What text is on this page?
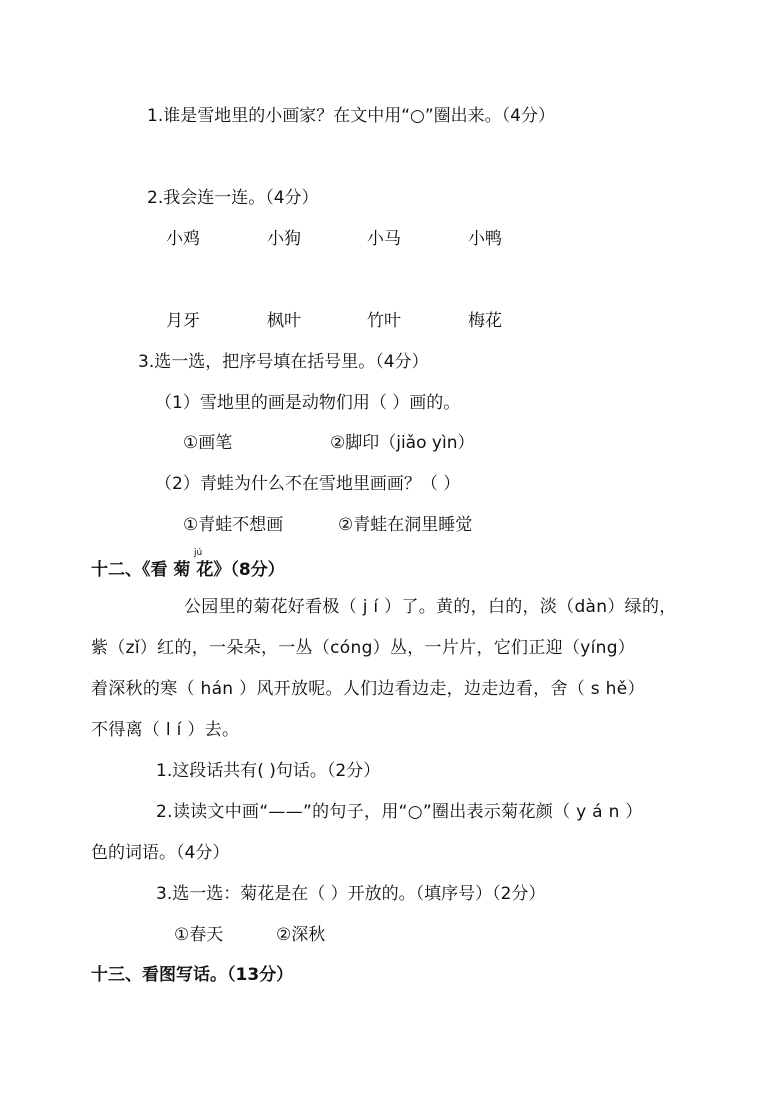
1.谁是雪地里的小画家？在文中用“○”圈出来。（4分）
2.我会连一连。（4分）
小鸡	小狗	小马	小鸭
月牙	枫叶	竹叶	梅花
3.选一选，把序号填在括号里。（4分）
（1）雪地里的画是动物们用（ ）画的。
①画笔	②脚印（jiǎo yìn）
（2）青蛙为什么不在雪地里画画？（ ）
①青蛙不想画	②青蛙在洞里睡觉
jú
十二、《看 菊 花》（8分）
公园里的菊花好看极（ j í ）了。黄的，白的，淡（dàn）绿的，
紫（zǐ）红的，一朵朵，一丛（cóng）丛，一片片，它们正迎（yíng）
着深秋的寒（ hán ）风开放呢。人们边看边走，边走边看，舍（ s hě）
不得离（ l í ）去。
1.这段话共有( )句话。（2分）
2.读读文中画“——”的句子，用“○”圈出表示菊花颜（ y á n ）
色的词语。（4分）
3.选一选：菊花是在（ ）开放的。（填序号）（2分）
①春天	②深秋
十三、看图写话。（13分）
